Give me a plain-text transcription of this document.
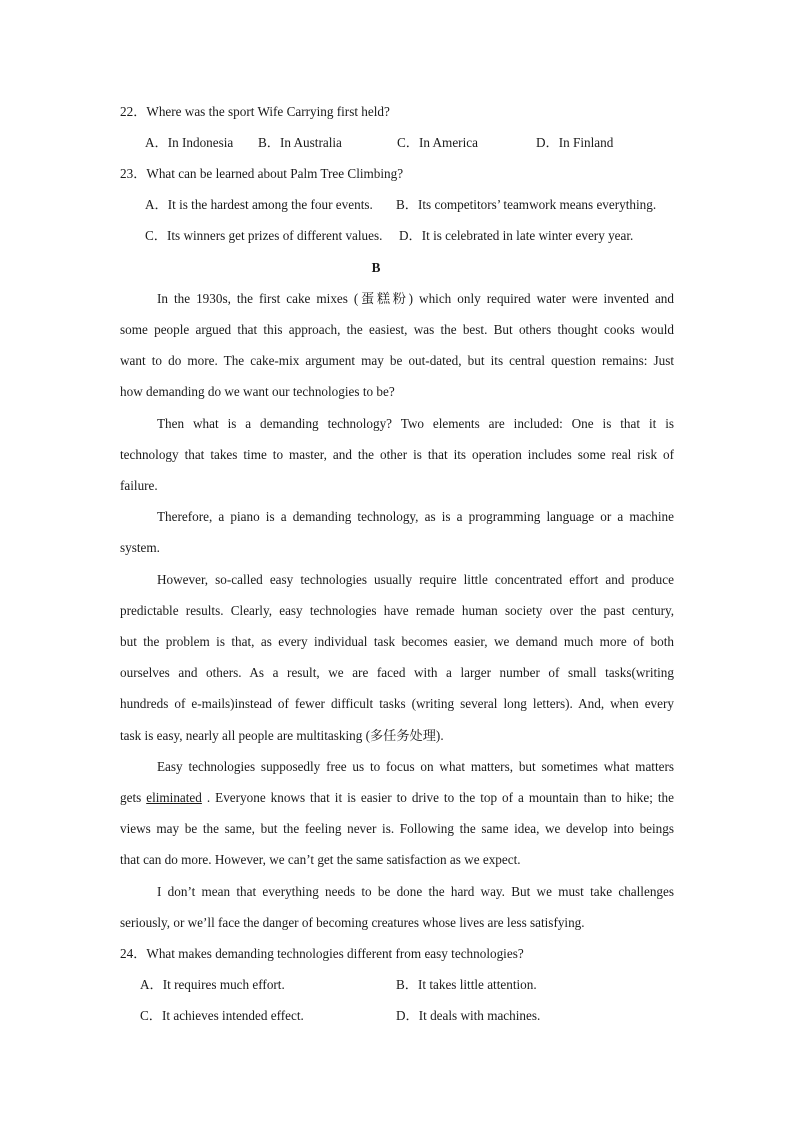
22．Where was the sport Wife Carrying first held?
A．In Indonesia B．In Australia	C．In America	D．In Finland
23．What can be learned about Palm Tree Climbing?
A．It is the hardest among the four events. B．Its competitors’ teamwork means everything.
C．Its winners get prizes of different values. D．It is celebrated in late winter every year.
B
In the 1930s, the first cake mixes (蛋糕粉) which only required water were invented and
some people argued that this approach, the easiest, was the best. But others thought cooks would
want to do more. The cake-mix argument may be out-dated, but its central question remains: Just
how demanding do we want our technologies to be?
Then what is a demanding technology? Two elements are included: One is that it is
technology that takes time to master, and the other is that its operation includes some real risk of
failure.
Therefore, a piano is a demanding technology, as is a programming language or a machine
system.
However, so-called easy technologies usually require little concentrated effort and produce
predictable results. Clearly, easy technologies have remade human society over the past century,
but the problem is that, as every individual task becomes easier, we demand much more of both
ourselves and others. As a result, we are faced with a larger number of small tasks(writing
hundreds of e-mails)instead of fewer difficult tasks (writing several long letters). And, when every
task is easy, nearly all people are multitasking (多任务处理).
Easy technologies supposedly free us to focus on what matters, but sometimes what matters
gets eliminated . Everyone knows that it is easier to drive to the top of a mountain than to hike; the
views may be the same, but the feeling never is. Following the same idea, we develop into beings
that can do more. However, we can’t get the same satisfaction as we expect.
I don’t mean that everything needs to be done the hard way. But we must take challenges
seriously, or we’ll face the danger of becoming creatures whose lives are less satisfying.
24．What makes demanding technologies different from easy technologies?
A．It requires much effort.	B．It takes little attention.
C．It achieves intended effect.	D．It deals with machines.
